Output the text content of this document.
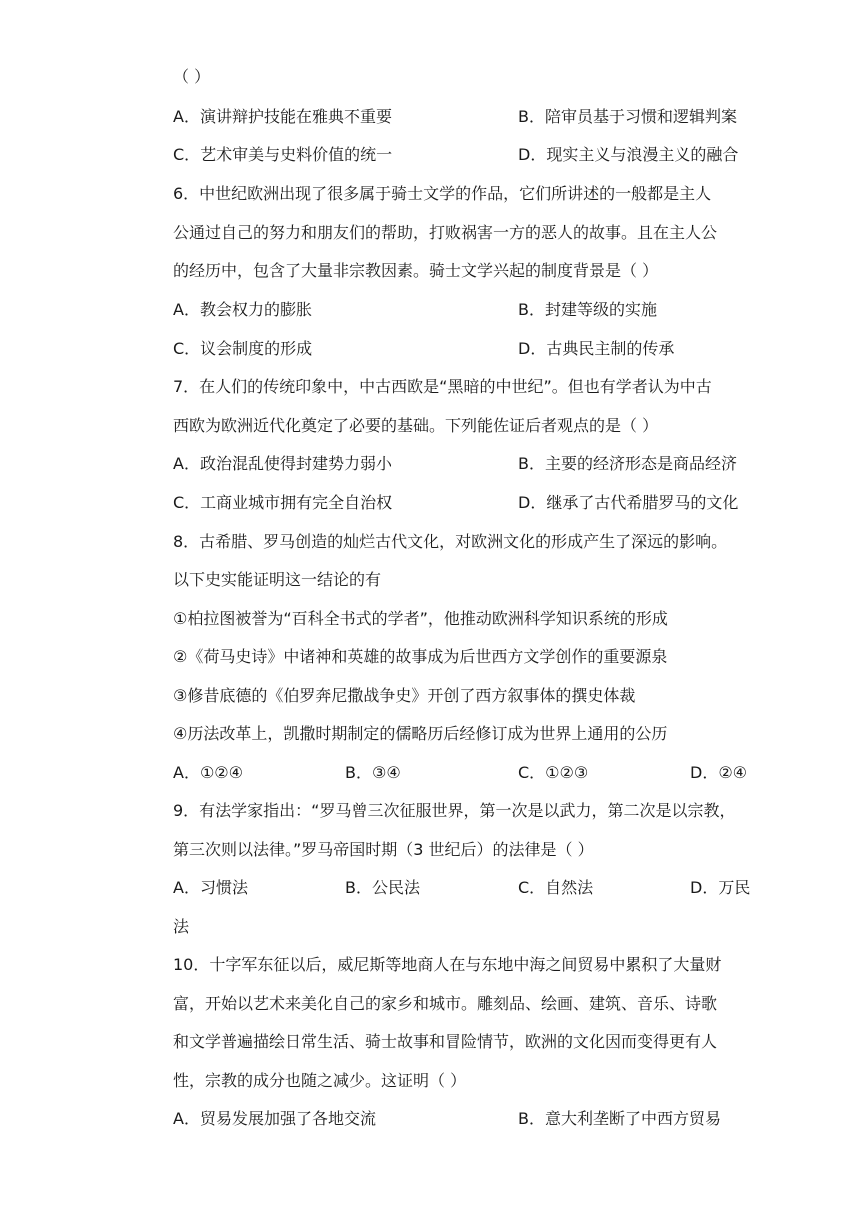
（ ）
A．演讲辩护技能在雅典不重要	B．陪审员基于习惯和逻辑判案
C．艺术审美与史料价值的统一	D．现实主义与浪漫主义的融合
6．中世纪欧洲出现了很多属于骑士文学的作品，它们所讲述的一般都是主人
公通过自己的努力和朋友们的帮助，打败祸害一方的恶人的故事。且在主人公
的经历中，包含了大量非宗教因素。骑士文学兴起的制度背景是（ ）
A．教会权力的膨胀	B．封建等级的实施
C．议会制度的形成	D．古典民主制的传承
7．在人们的传统印象中，中古西欧是“黑暗的中世纪”。但也有学者认为中古
西欧为欧洲近代化奠定了必要的基础。下列能佐证后者观点的是（ ）
A．政治混乱使得封建势力弱小	B．主要的经济形态是商品经济
C．工商业城市拥有完全自治权	D．继承了古代希腊罗马的文化
8．古希腊、罗马创造的灿烂古代文化，对欧洲文化的形成产生了深远的影响。
以下史实能证明这一结论的有
①柏拉图被誉为“百科全书式的学者”，他推动欧洲科学知识系统的形成
②《荷马史诗》中诸神和英雄的故事成为后世西方文学创作的重要源泉
③修昔底德的《伯罗奔尼撒战争史》开创了西方叙事体的撰史体裁
④历法改革上，凯撒时期制定的儒略历后经修订成为世界上通用的公历
A．①②④	B．③④	C．①②③	D．②④
9．有法学家指出：“罗马曾三次征服世界，第一次是以武力，第二次是以宗教，
第三次则以法律。”罗马帝国时期（3 世纪后）的法律是（ ）
A．习惯法	B．公民法	C．自然法	D．万民
法
10．十字军东征以后，威尼斯等地商人在与东地中海之间贸易中累积了大量财
富，开始以艺术来美化自己的家乡和城市。雕刻品、绘画、建筑、音乐、诗歌
和文学普遍描绘日常生活、骑士故事和冒险情节，欧洲的文化因而变得更有人
性，宗教的成分也随之减少。这证明（ ）
A．贸易发展加强了各地交流	B．意大利垄断了中西方贸易
